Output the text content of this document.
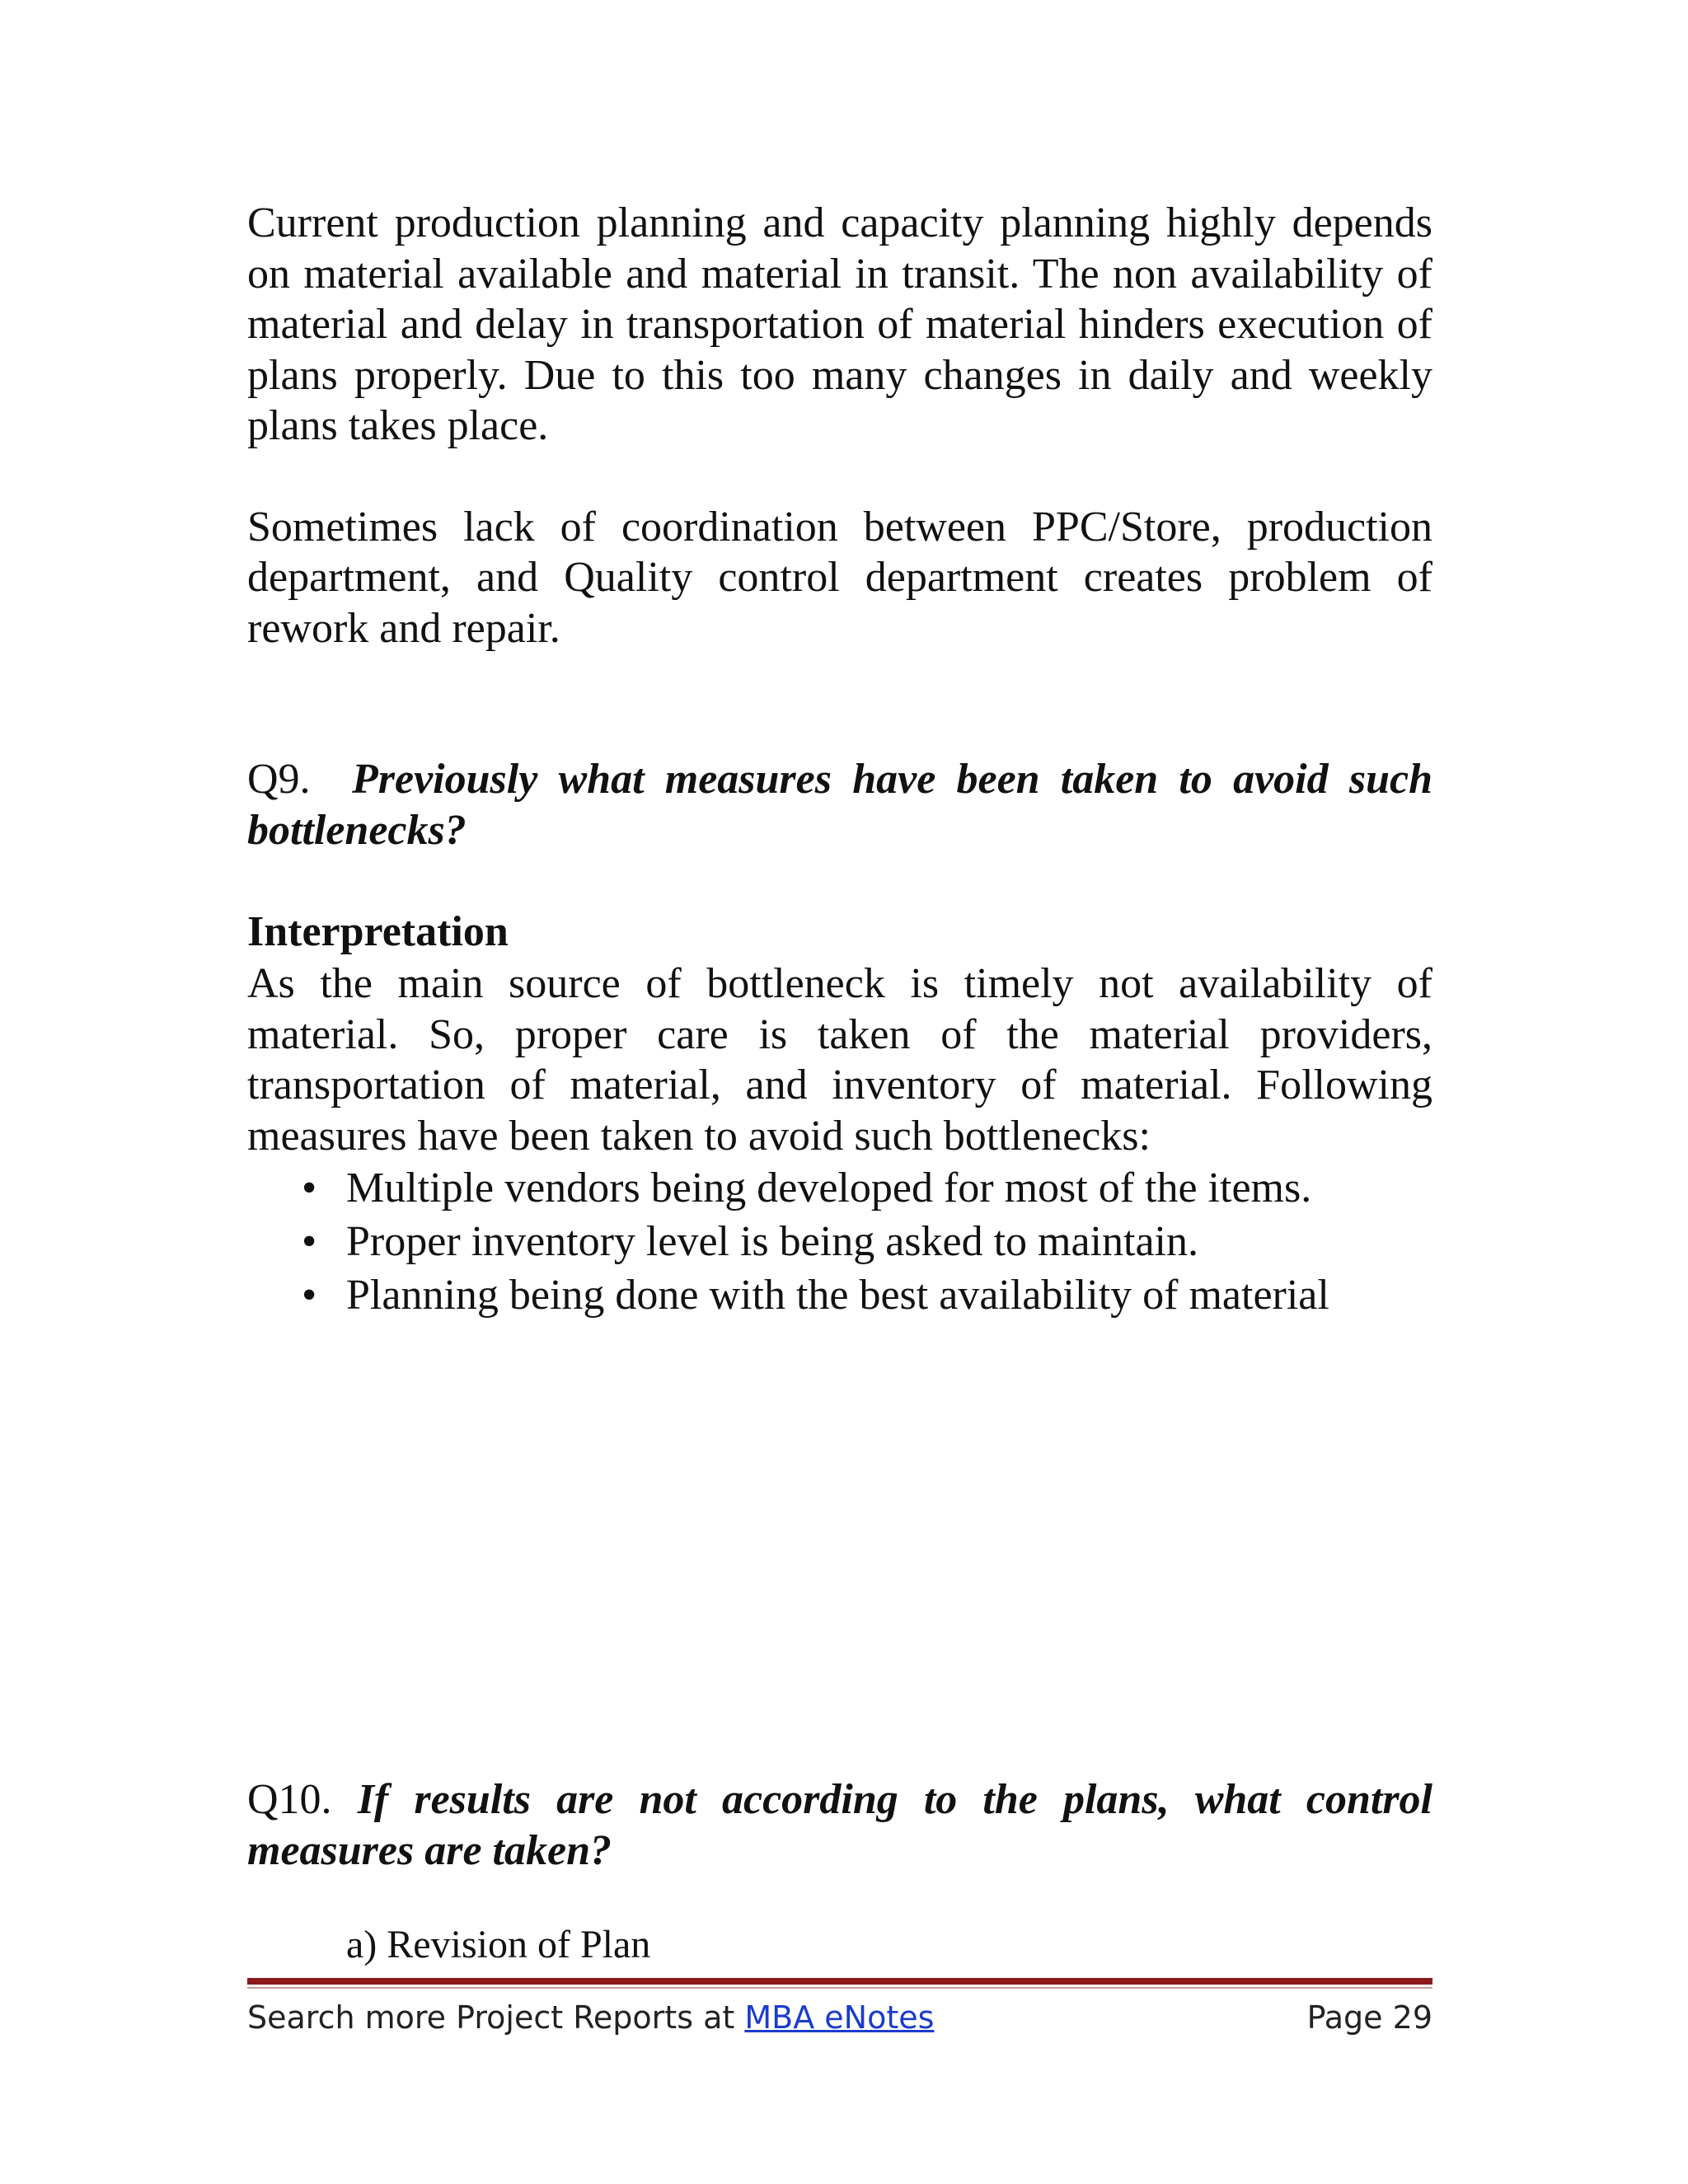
Current production planning and capacity planning highly depends on material available and material in transit. The non availability of material and delay in transportation of material hinders execution of plans properly. Due to this too many changes in daily and weekly plans takes place.

Sometimes lack of coordination between PPC/Store, production department, and Quality control department creates problem of rework and repair.

Q9. Previously what measures have been taken to avoid such bottlenecks?

Interpretation

As the main source of bottleneck is timely not availability of material. So, proper care is taken of the material providers, transportation of material, and inventory of material. Following measures have been taken to avoid such bottlenecks:

• Multiple vendors being developed for most of the items.
• Proper inventory level is being asked to maintain.
• Planning being done with the best availability of material

Q10. If results are not according to the plans, what control measures are taken?

a) Revision of Plan
Search more Project Reports at MBA eNotes	Page 29
